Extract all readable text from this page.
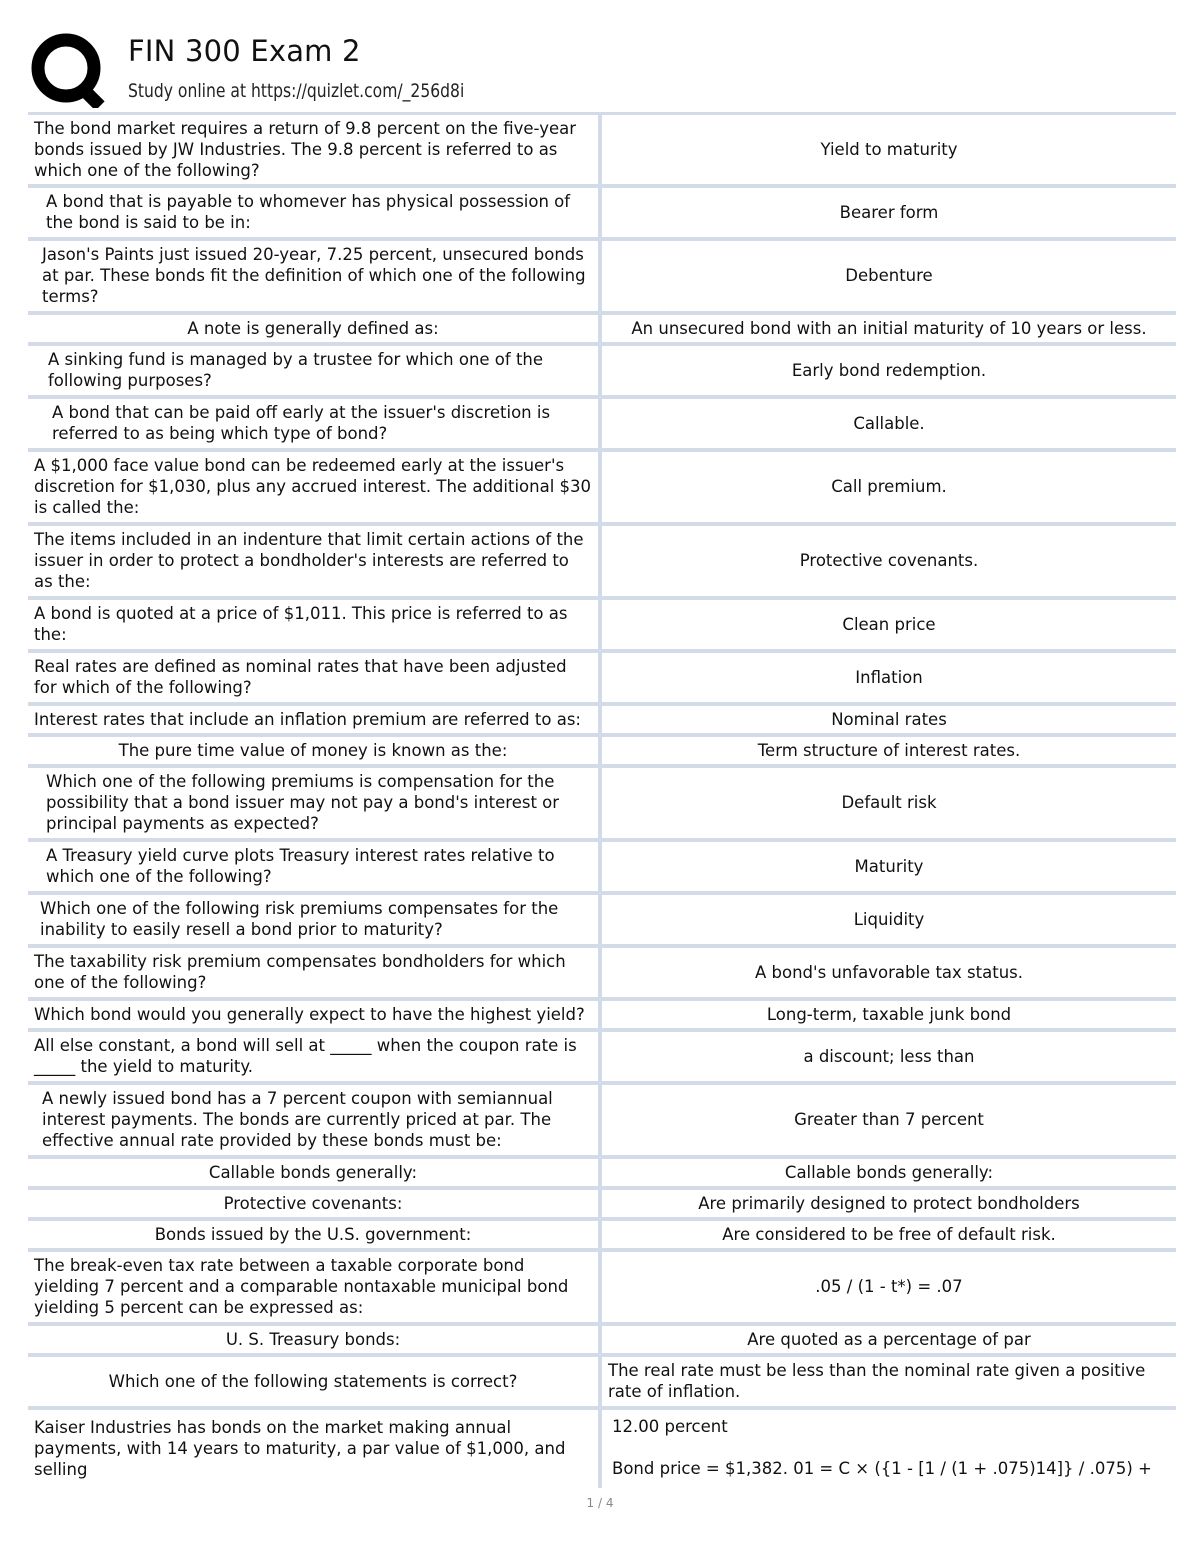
FIN 300 Exam 2
Study online at https://quizlet.com/_256d8i
The bond market requires a return of 9.8 percent on the five-year bonds issued by JW Industries. The 9.8 percent is referred to as which one of the following?	Yield to maturity
A bond that is payable to whomever has physical possession of the bond is said to be in:	Bearer form
Jason's Paints just issued 20-year, 7.25 percent, unsecured bonds at par. These bonds fit the definition of which one of the following terms?	Debenture
A note is generally defined as:	An unsecured bond with an initial maturity of 10 years or less.
A sinking fund is managed by a trustee for which one of the following purposes?	Early bond redemption.
A bond that can be paid off early at the issuer's discretion is referred to as being which type of bond?	Callable.
A $1,000 face value bond can be redeemed early at the issuer's discretion for $1,030, plus any accrued interest. The additional $30 is called the:	Call premium.
The items included in an indenture that limit certain actions of the issuer in order to protect a bondholder's interests are referred to as the:	Protective covenants.
A bond is quoted at a price of $1,011. This price is referred to as the:	Clean price
Real rates are defined as nominal rates that have been adjusted for which of the following?	Inflation
Interest rates that include an inflation premium are referred to as:	Nominal rates
The pure time value of money is known as the:	Term structure of interest rates.
Which one of the following premiums is compensation for the possibility that a bond issuer may not pay a bond's interest or principal payments as expected?	Default risk
A Treasury yield curve plots Treasury interest rates relative to which one of the following?	Maturity
Which one of the following risk premiums compensates for the inability to easily resell a bond prior to maturity?	Liquidity
The taxability risk premium compensates bondholders for which one of the following?	A bond's unfavorable tax status.
Which bond would you generally expect to have the highest yield?	Long-term, taxable junk bond
All else constant, a bond will sell at _____ when the coupon rate is _____ the yield to maturity.	a discount; less than
A newly issued bond has a 7 percent coupon with semiannual interest payments. The bonds are currently priced at par. The effective annual rate provided by these bonds must be:	Greater than 7 percent
Callable bonds generally:	Callable bonds generally:
Protective covenants:	Are primarily designed to protect bondholders
Bonds issued by the U.S. government:	Are considered to be free of default risk.
The break-even tax rate between a taxable corporate bond yielding 7 percent and a comparable nontaxable municipal bond yielding 5 percent can be expressed as:	.05 / (1 - t*) = .07
U. S. Treasury bonds:	Are quoted as a percentage of par
Which one of the following statements is correct?	The real rate must be less than the nominal rate given a positive rate of inflation.
Kaiser Industries has bonds on the market making annual payments, with 14 years to maturity, a par value of $1,000, and selling	12.00 percent
Bond price = $1,382. 01 = C × ({1 - [1 / (1 + .075)14]} / .075) +
1 / 4
